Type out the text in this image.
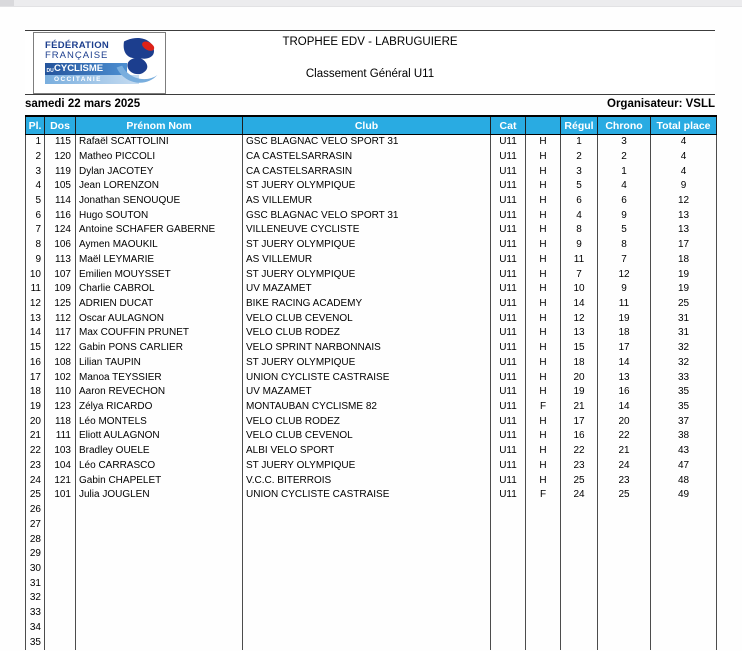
FÉDÉRATION
FRANÇAISE
DU CYCLISME
OCCITANIE
TROPHEE EDV - LABRUGUIERE
Classement Général U11
samedi 22 mars 2025	Organisateur: VSLL
Pl.	Dos	Prénom Nom	Club	Cat		Régul	Chrono	Total place
1	115	Rafaël SCATTOLINI	GSC BLAGNAC VELO SPORT 31	U11	H	1	3	4
2	120	Matheo PICCOLI	CA CASTELSARRASIN	U11	H	2	2	4
3	119	Dylan JACOTEY	CA CASTELSARRASIN	U11	H	3	1	4
4	105	Jean LORENZON	ST JUERY OLYMPIQUE	U11	H	5	4	9
5	114	Jonathan SENOUQUE	AS VILLEMUR	U11	H	6	6	12
6	116	Hugo SOUTON	GSC BLAGNAC VELO SPORT 31	U11	H	4	9	13
7	124	Antoine SCHAFER GABERNE	VILLENEUVE CYCLISTE	U11	H	8	5	13
8	106	Aymen MAOUKIL	ST JUERY OLYMPIQUE	U11	H	9	8	17
9	113	Maël LEYMARIE	AS VILLEMUR	U11	H	11	7	18
10	107	Emilien MOUYSSET	ST JUERY OLYMPIQUE	U11	H	7	12	19
11	109	Charlie CABROL	UV MAZAMET	U11	H	10	9	19
12	125	ADRIEN DUCAT	BIKE RACING ACADEMY	U11	H	14	11	25
13	112	Oscar AULAGNON	VELO CLUB CEVENOL	U11	H	12	19	31
14	117	Max COUFFIN PRUNET	VELO CLUB RODEZ	U11	H	13	18	31
15	122	Gabin PONS CARLIER	VELO SPRINT NARBONNAIS	U11	H	15	17	32
16	108	Lilian TAUPIN	ST JUERY OLYMPIQUE	U11	H	18	14	32
17	102	Manoa TEYSSIER	UNION CYCLISTE CASTRAISE	U11	H	20	13	33
18	110	Aaron REVECHON	UV MAZAMET	U11	H	19	16	35
19	123	Zélya RICARDO	MONTAUBAN CYCLISME 82	U11	F	21	14	35
20	118	Léo MONTELS	VELO CLUB RODEZ	U11	H	17	20	37
21	111	Eliott AULAGNON	VELO CLUB CEVENOL	U11	H	16	22	38
22	103	Bradley OUELE	ALBI VELO SPORT	U11	H	22	21	43
23	104	Léo CARRASCO	ST JUERY OLYMPIQUE	U11	H	23	24	47
24	121	Gabin CHAPELET	V.C.C. BITERROIS	U11	H	25	23	48
25	101	Julia JOUGLEN	UNION CYCLISTE CASTRAISE	U11	F	24	25	49
26								
27								
28								
29								
30								
31								
32								
33								
34								
35								
